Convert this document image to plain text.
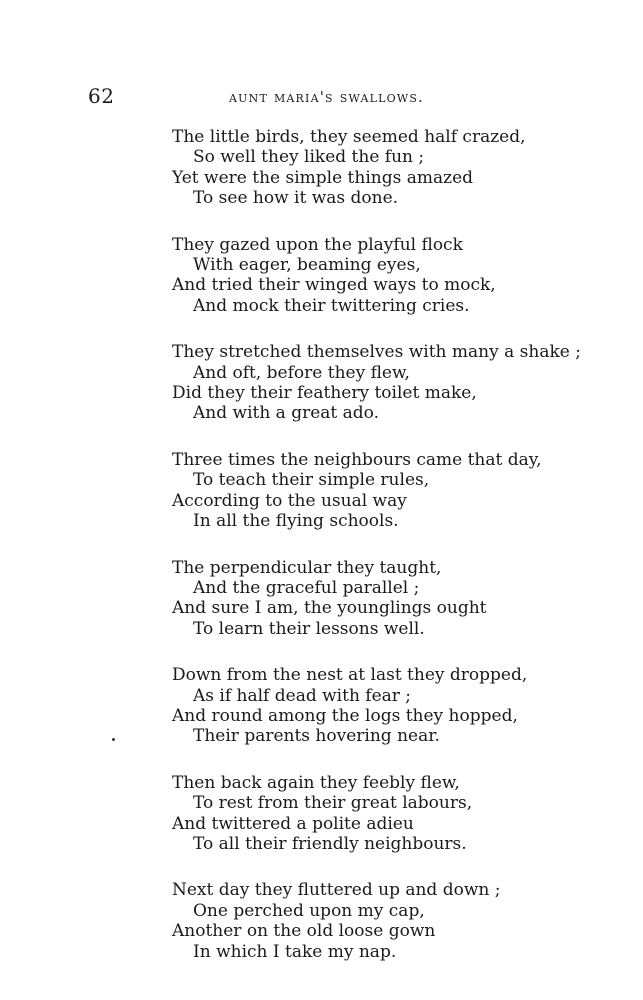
62	aunt maria's swallows.
The little birds, they seemed half crazed,
So well they liked the fun ;
Yet were the simple things amazed
To see how it was done.
They gazed upon the playful flock
With eager, beaming eyes,
And tried their winged ways to mock,
And mock their twittering cries.
They stretched themselves with many a shake ;
And oft, before they flew,
Did they their feathery toilet make,
And with a great ado.
Three times the neighbours came that day,
To teach their simple rules,
According to the usual way
In all the flying schools.
The perpendicular they taught,
And the graceful parallel ;
And sure I am, the younglings ought
To learn their lessons well.
Down from the nest at last they dropped,
As if half dead with fear ;
And round among the logs they hopped,
Their parents hovering near.
Then back again they feebly flew,
To rest from their great labours,
And twittered a polite adieu
To all their friendly neighbours.
Next day they fluttered up and down ;
One perched upon my cap,
Another on the old loose gown
In which I take my nap.
